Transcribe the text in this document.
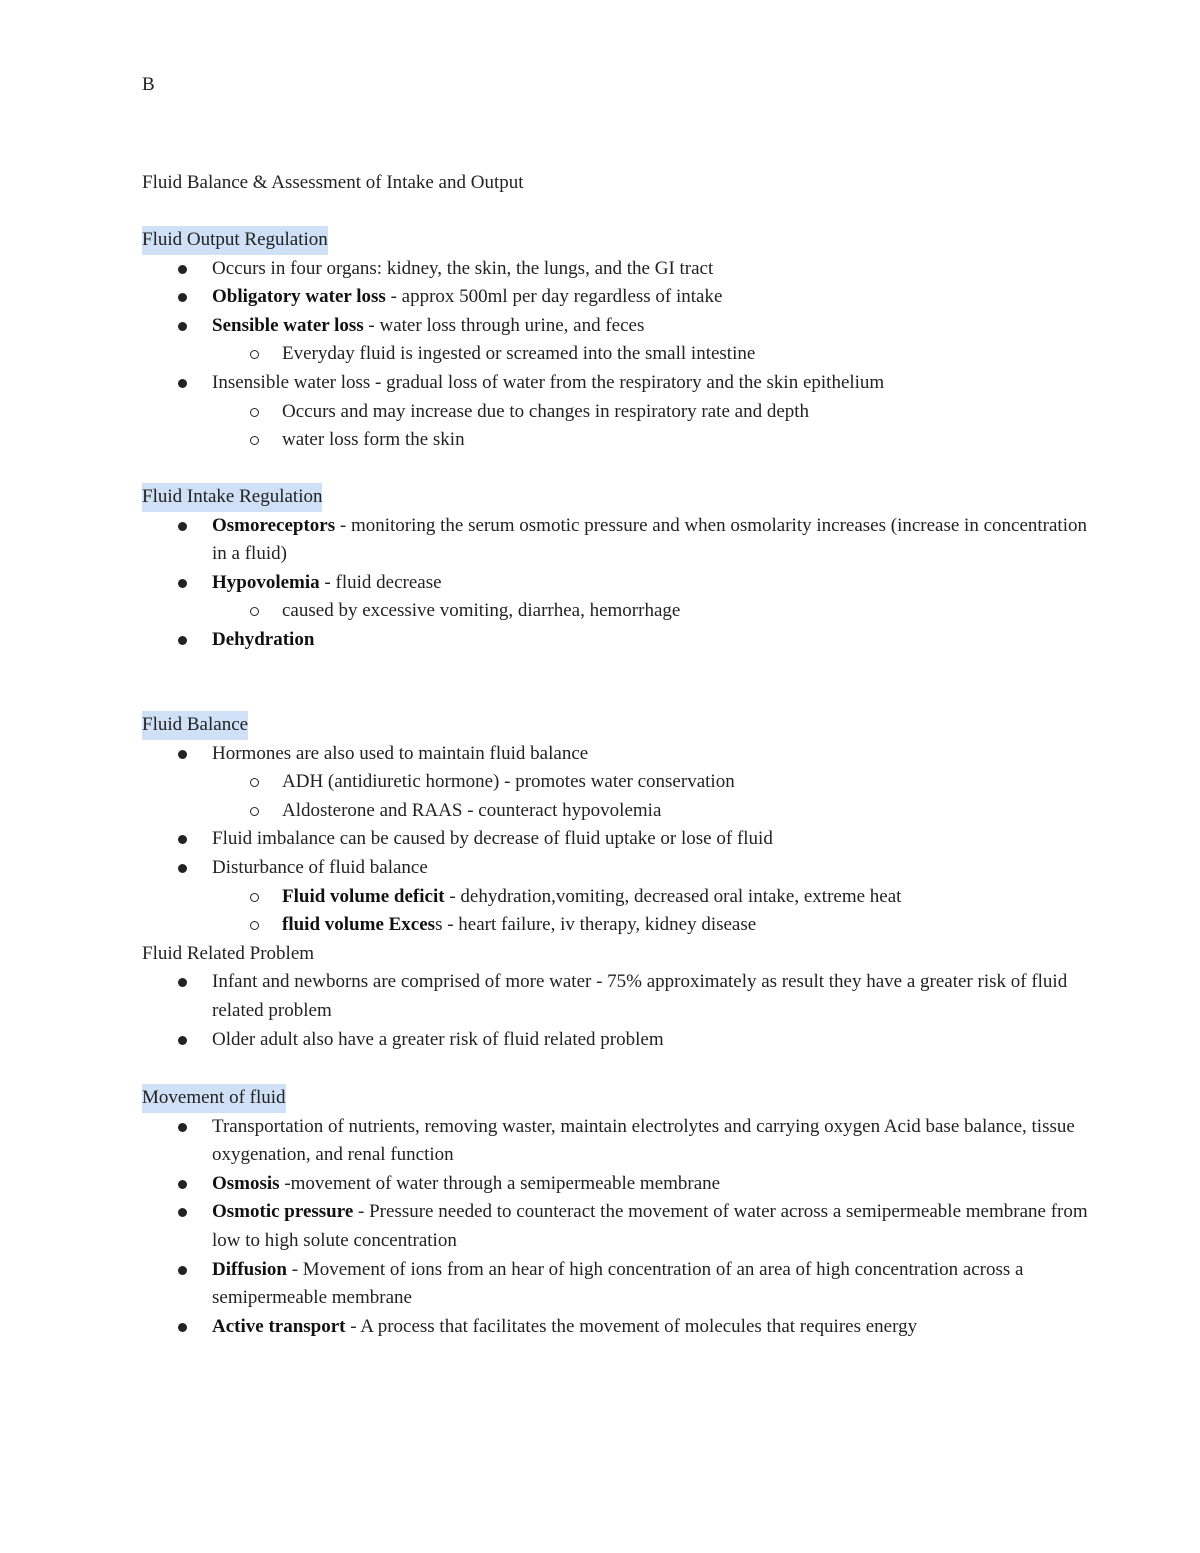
B
Fluid Balance & Assessment of Intake and Output
Fluid Output Regulation
Occurs in four organs: kidney, the skin, the lungs, and the GI tract
Obligatory water loss - approx 500ml per day regardless of intake
Sensible water loss - water loss through urine, and feces
Everyday fluid is ingested or screamed into the small intestine
Insensible water loss - gradual loss of water from the respiratory and the skin epithelium
Occurs and may increase due to changes in respiratory rate and depth
water loss form the skin
Fluid Intake Regulation
Osmoreceptors - monitoring the serum osmotic pressure and when osmolarity increases (increase in concentration in a fluid)
Hypovolemia - fluid decrease
caused by excessive vomiting, diarrhea, hemorrhage
Dehydration
Fluid Balance
Hormones are also used to maintain fluid balance
ADH (antidiuretic hormone) - promotes water conservation
Aldosterone and RAAS - counteract hypovolemia
Fluid imbalance can be caused by decrease of fluid uptake or lose of fluid
Disturbance of fluid balance
Fluid volume deficit - dehydration,vomiting, decreased oral intake, extreme heat
fluid volume Excess - heart failure, iv therapy, kidney disease
Fluid Related Problem
Infant and newborns are comprised of more water - 75% approximately as result they have a greater risk of fluid related problem
Older adult also have a greater risk of fluid related problem
Movement of fluid
Transportation of nutrients, removing waster, maintain electrolytes and carrying oxygen Acid base balance, tissue oxygenation, and renal function
Osmosis -movement of water through a semipermeable membrane
Osmotic pressure - Pressure needed to counteract the movement of water across a semipermeable membrane from low to high solute concentration
Diffusion - Movement of ions from an hear of high concentration of an area of high concentration across a semipermeable membrane
Active transport - A process that facilitates the movement of molecules that requires energy
